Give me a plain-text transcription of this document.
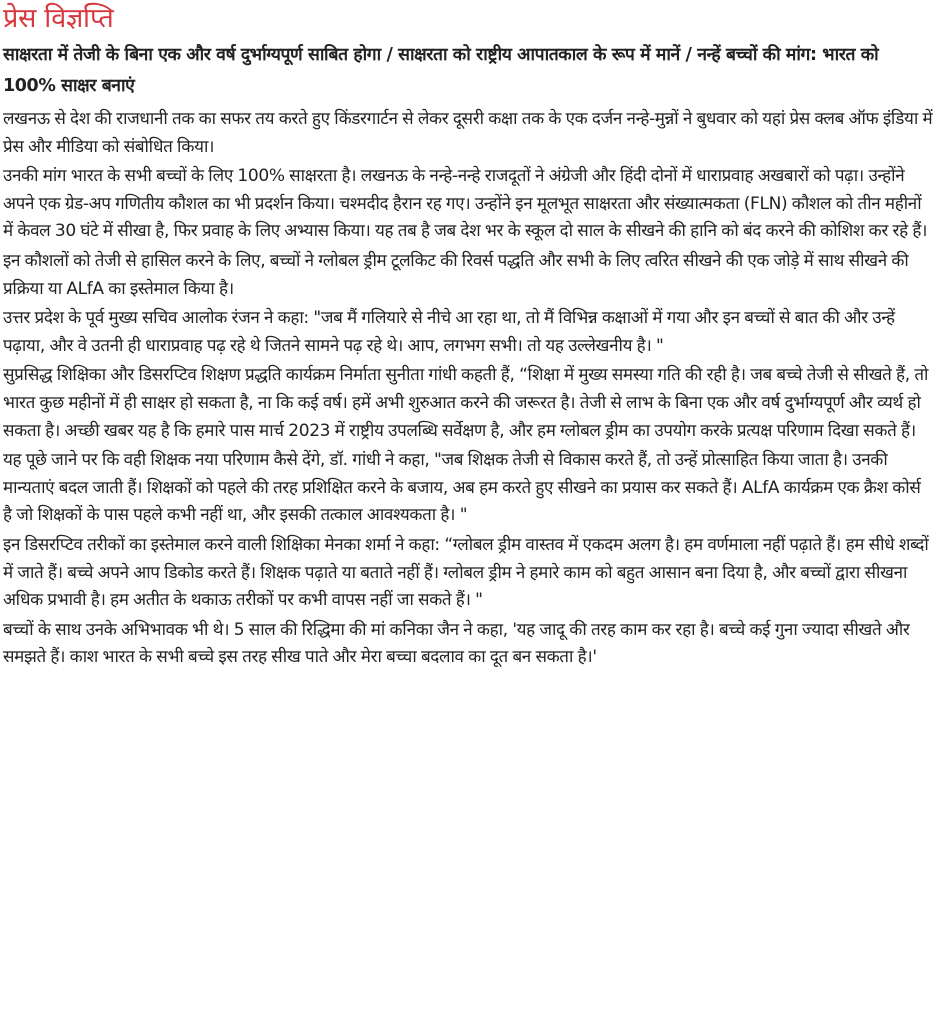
प्रेस विज्ञप्ति

साक्षरता में तेजी के बिना एक और वर्ष दुर्भाग्यपूर्ण साबित होगा / साक्षरता को राष्ट्रीय आपातकाल के रूप में मानें / नन्हें बच्चों की मांग: भारत को 100% साक्षर बनाएं

लखनऊ से देश की राजधानी तक का सफर तय करते हुए किंडरगार्टन से लेकर दूसरी कक्षा तक के एक दर्जन नन्हे-मुन्नों ने बुधवार को यहां प्रेस क्लब ऑफ इंडिया में प्रेस और मीडिया को संबोधित किया।

उनकी मांग भारत के सभी बच्चों के लिए 100% साक्षरता है। लखनऊ के नन्हे-नन्हे राजदूतों ने अंग्रेजी और हिंदी दोनों में धाराप्रवाह अखबारों को पढ़ा। उन्होंने अपने एक ग्रेड-अप गणितीय कौशल का भी प्रदर्शन किया। चश्मदीद हैरान रह गए। उन्होंने इन मूलभूत साक्षरता और संख्यात्मकता (FLN) कौशल को तीन महीनों में केवल 30 घंटे में सीखा है, फिर प्रवाह के लिए अभ्यास किया। यह तब है जब देश भर के स्कूल दो साल के सीखने की हानि को बंद करने की कोशिश कर रहे हैं।

इन कौशलों को तेजी से हासिल करने के लिए, बच्चों ने ग्लोबल ड्रीम टूलकिट की रिवर्स पद्धति और सभी के लिए त्वरित सीखने की एक जोड़े में साथ सीखने की प्रक्रिया या ALfA का इस्तेमाल किया है।

उत्तर प्रदेश के पूर्व मुख्य सचिव आलोक रंजन ने कहा: "जब मैं गलियारे से नीचे आ रहा था, तो मैं विभिन्न कक्षाओं में गया और इन बच्चों से बात की और उन्हें पढ़ाया, और वे उतनी ही धाराप्रवाह पढ़ रहे थे जितने सामने पढ़ रहे थे। आप, लगभग सभी। तो यह उल्लेखनीय है। "

सुप्रसिद्ध शिक्षिका और डिसरप्टिव शिक्षण प्रद्धति कार्यक्रम निर्माता सुनीता गांधी कहती हैं, “शिक्षा में मुख्य समस्या गति की रही है। जब बच्चे तेजी से सीखते हैं, तो भारत कुछ महीनों में ही साक्षर हो सकता है, ना कि कई वर्ष। हमें अभी शुरुआत करने की जरूरत है। तेजी से लाभ के बिना एक और वर्ष दुर्भाग्यपूर्ण और व्यर्थ हो सकता है। अच्छी खबर यह है कि हमारे पास मार्च 2023 में राष्ट्रीय उपलब्धि सर्वेक्षण है, और हम ग्लोबल ड्रीम का उपयोग करके प्रत्यक्ष परिणाम दिखा सकते हैं।

यह पूछे जाने पर कि वही शिक्षक नया परिणाम कैसे देंगे, डॉ. गांधी ने कहा, "जब शिक्षक तेजी से विकास करते हैं, तो उन्हें प्रोत्साहित किया जाता है। उनकी मान्यताएं बदल जाती हैं। शिक्षकों को पहले की तरह प्रशिक्षित करने के बजाय, अब हम करते हुए सीखने का प्रयास कर सकते हैं। ALfA कार्यक्रम एक क्रैश कोर्स है जो शिक्षकों के पास पहले कभी नहीं था, और इसकी तत्काल आवश्यकता है। "

इन डिसरप्टिव तरीकों का इस्तेमाल करने वाली शिक्षिका मेनका शर्मा ने कहा: “ग्लोबल ड्रीम वास्तव में एकदम अलग है। हम वर्णमाला नहीं पढ़ाते हैं। हम सीधे शब्दों में जाते हैं। बच्चे अपने आप डिकोड करते हैं। शिक्षक पढ़ाते या बताते नहीं हैं। ग्लोबल ड्रीम ने हमारे काम को बहुत आसान बना दिया है, और बच्चों द्वारा सीखना अधिक प्रभावी है। हम अतीत के थकाऊ तरीकों पर कभी वापस नहीं जा सकते हैं। "

बच्चों के साथ उनके अभिभावक भी थे। 5 साल की रिद्धिमा की मां कनिका जैन ने कहा, 'यह जादू की तरह काम कर रहा है। बच्चे कई गुना ज्यादा सीखते और समझते हैं। काश भारत के सभी बच्चे इस तरह सीख पाते और मेरा बच्चा बदलाव का दूत बन सकता है।'
